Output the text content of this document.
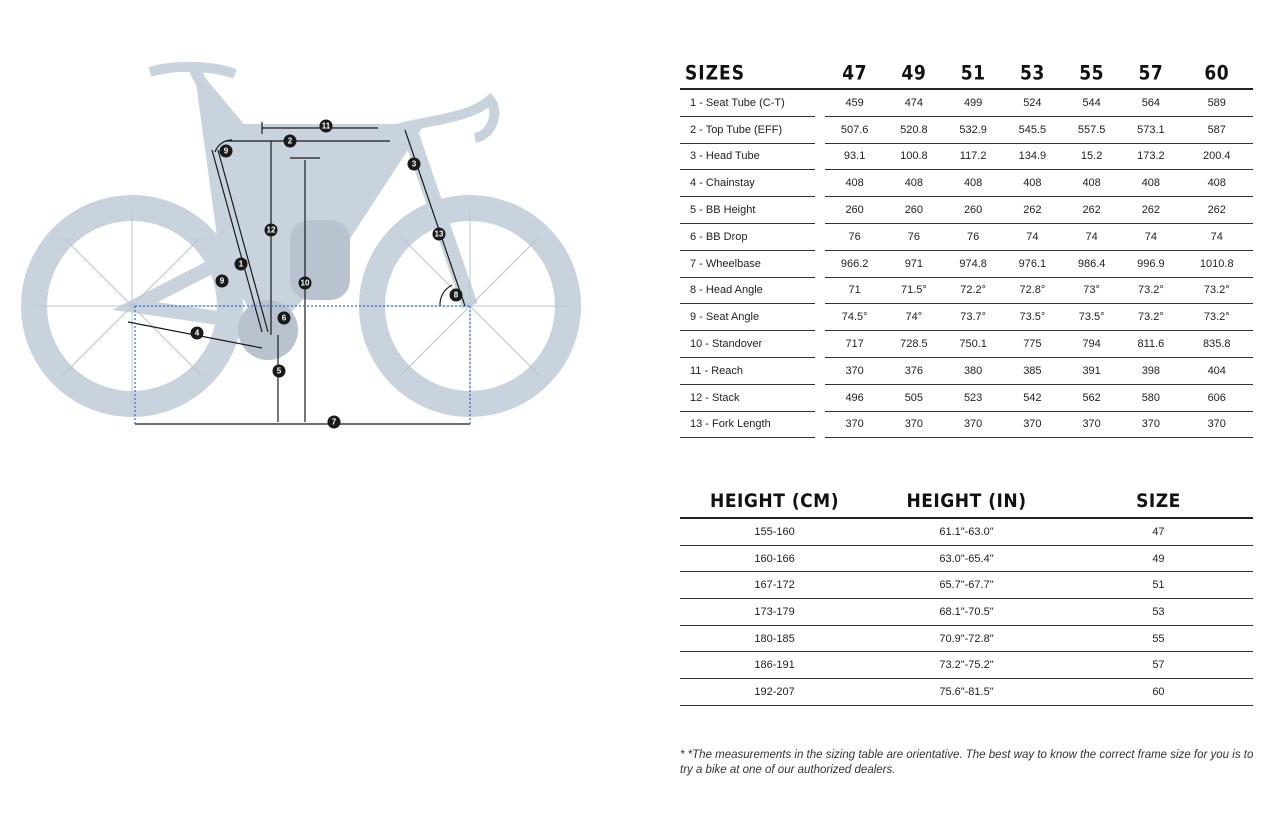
1
2
3
4
5
6
7
8
9
9	10
11
12	13
SIZES		47	49	51	53	55	57	60
1 - Seat Tube (C-T)		459	474	499	524	544	564	589
2 - Top Tube (EFF)		507.6	520.8	532.9	545.5	557.5	573.1	587
3 - Head Tube		93.1	100.8	117.2	134.9	15.2	173.2	200.4
4 - Chainstay		408	408	408	408	408	408	408
5 - BB Height		260	260	260	262	262	262	262
6 - BB Drop		76	76	76	74	74	74	74
7 - Wheelbase		966.2	971	974.8	976.1	986.4	996.9	1010.8
8 - Head Angle		71	71.5°	72.2°	72.8°	73°	73.2°	73.2°
9 - Seat Angle		74.5°	74°	73.7°	73.5°	73.5°	73.2°	73.2°
10 - Standover		717	728.5	750.1	775	794	811.6	835.8
11 - Reach		370	376	380	385	391	398	404
12 - Stack		496	505	523	542	562	580	606
13 - Fork Length		370	370	370	370	370	370	370
HEIGHT (CM)	HEIGHT (IN)	SIZE
155-160	61.1"-63.0"	47
160-166	63.0"-65.4"	49
167-172	65.7"-67.7"	51
173-179	68.1"-70.5"	53
180-185	70.9"-72.8"	55
186-191	73.2"-75.2"	57
192-207	75.6"-81.5"	60
* *The measurements in the sizing table are orientative. The best way to know the correct frame size for you is to try a bike at one of our authorized dealers.
